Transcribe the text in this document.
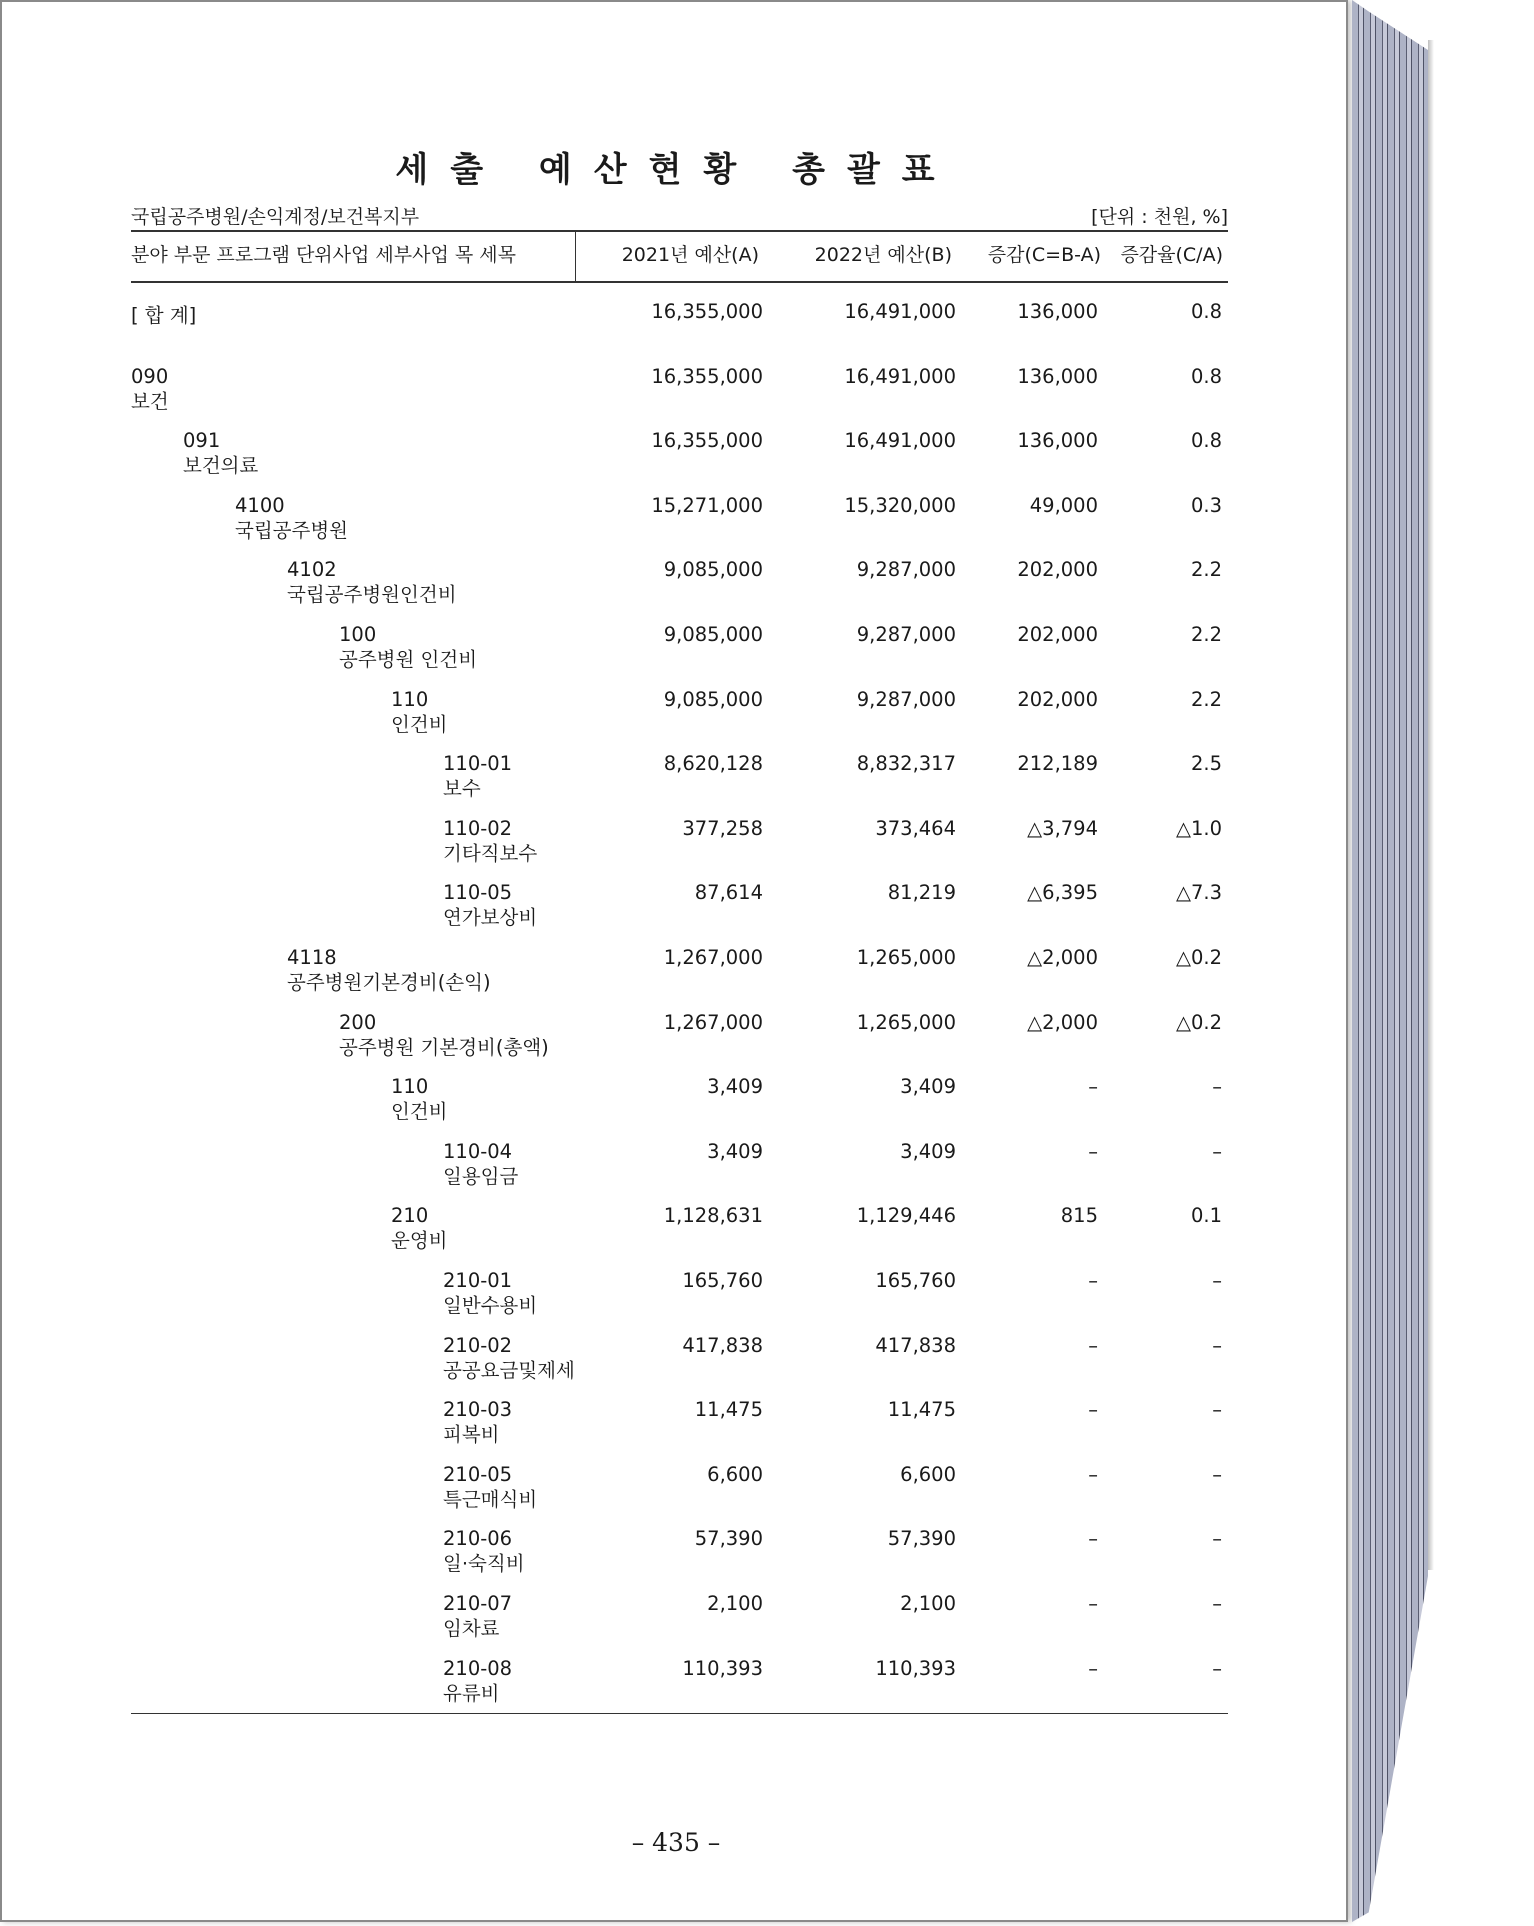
세출 예산현황 총괄표
국립공주병원/손익계정/보건복지부	[단위 : 천원, %]
분야 부문 프로그램 단위사업 세부사업 목 세목	2021년 예산(A)	2022년 예산(B) 증감(C=B-A) 증감율(C/A)
[ 합 계]	16,355,000	16,491,000	136,000	0.8
090
보건
16,355,000	16,491,000	136,000	0.8
091
보건의료
16,355,000	16,491,000	136,000	0.8
4100
국립공주병원
15,271,000	15,320,000	49,000	0.3
4102
국립공주병원인건비
9,085,000	9,287,000	202,000	2.2
100
공주병원 인건비
9,085,000	9,287,000	202,000	2.2
110
인건비
9,085,000	9,287,000	202,000	2.2
110-01
보수
8,620,128	8,832,317	212,189	2.5
110-02
기타직보수
377,258	373,464	△3,794	△1.0
110-05
연가보상비
87,614	81,219	△6,395	△7.3
4118
공주병원기본경비(손익)
1,267,000	1,265,000	△2,000	△0.2
200
공주병원 기본경비(총액)
1,267,000	1,265,000	△2,000	△0.2
110
인건비
3,409	3,409	–	–
110-04
일용임금
3,409	3,409	–	–
210
운영비
1,128,631	1,129,446	815	0.1
210-01
일반수용비
165,760	165,760	–	–
210-02
공공요금및제세
417,838	417,838	–	–
210-03
피복비
11,475	11,475	–	–
210-05
특근매식비
6,600	6,600	–	–
210-06
일·숙직비
57,390	57,390	–	–
210-07
임차료
2,100	2,100	–	–
210-08
유류비
110,393	110,393	–	–
– 435 –
